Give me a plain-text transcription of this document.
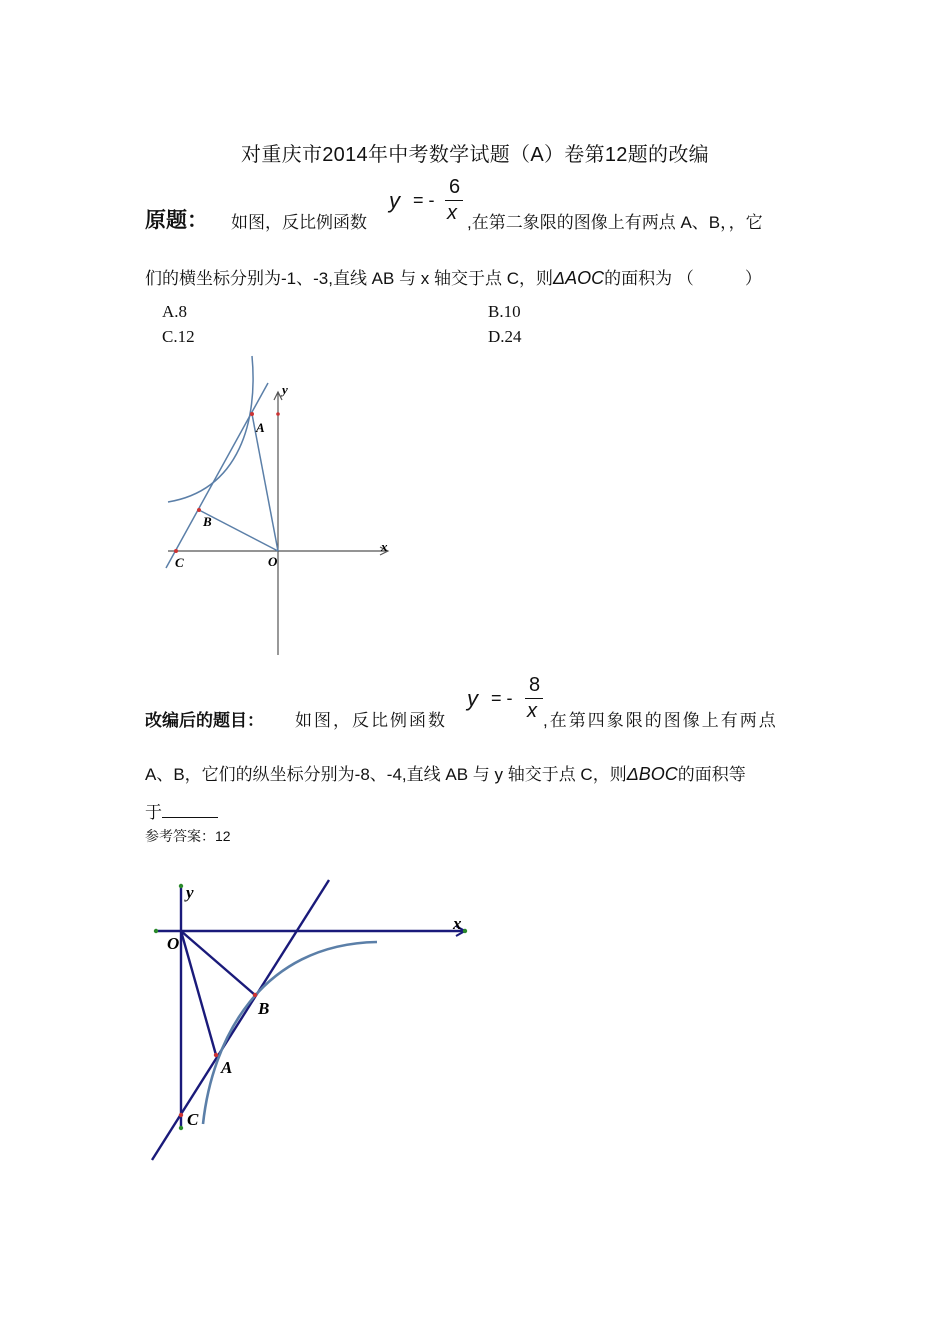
对重庆市2014年中考数学试题（A）卷第12题的改编
原题： 如图，反比例函数
y = -
6
x ,在第二象限的图像上有两点 A、B，，它
们的横坐标分别为-1、-3,直线 AB 与 x 轴交于点 C，则ΔAOC的面积为 （　　　）
A.8	B.10
C.12	D.24
A
B
C	O
x
y
改编后的题目： 如图，反比例函数
y = -
8
x ,在第四象限的图像上有两点
A、B，它们的纵坐标分别为-8、-4,直线 AB 与 y 轴交于点 C，则ΔBOC的面积等
于
参考答案：12
A
B
C
O
x
y
